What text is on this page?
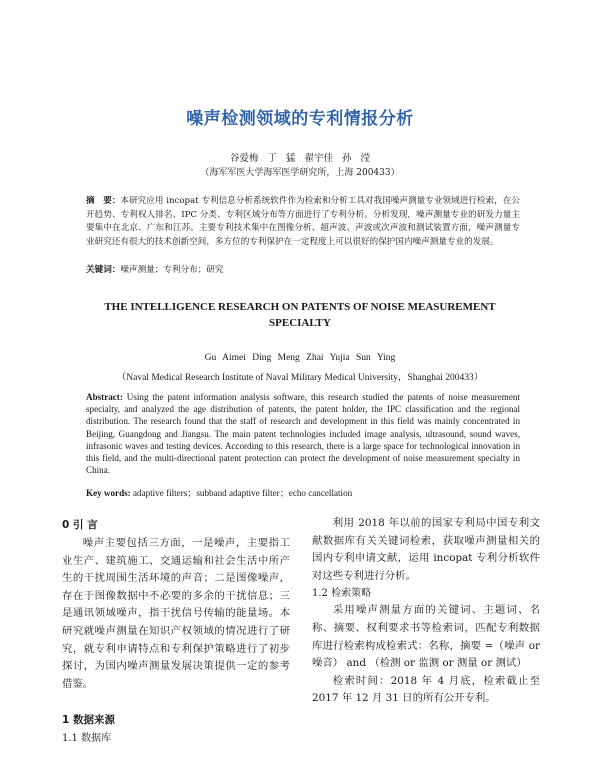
噪声检测领域的专利情报分析
谷爱梅 丁 猛 翟宇佳 孙 滢
（海军军医大学海军医学研究所，上海 200433）
摘　要：本研究应用 incopat 专利信息分析系统软件作为检索和分析工具对我国噪声测量专业领域进行检索，在公开趋势、专利权人排名、IPC 分类、专利区域分布等方面进行了专利分析。分析发现，噪声测量专业的研发力量主要集中在北京、广东和江苏。主要专利技术集中在图像分析、超声波、声波或次声波和测试装置方面，噪声测量专业研究还有很大的技术创新空间，多方位的专利保护在一定程度上可以很好的保护国内噪声测量专业的发展。
关键词：噪声测量；专利分布；研究
THE INTELLIGENCE RESEARCH ON PATENTS OF NOISE MEASUREMENT SPECIALTY
Gu Aimei Ding Meng Zhai Yujia Sun Ying
（Naval Medical Research Institute of Naval Military Medical University，Shanghai 200433）
Abstract: Using the patent information analysis software, this research studied the patents of noise measurement specialty, and analyzed the age distribution of patents, the patent holder, the IPC classification and the regional distribution. The research found that the staff of research and development in this field was mainly concentrated in Beijing, Guangdong and Jiangsu. The main patent technologies included image analysis, ultrasound, sound waves, infrasonic waves and testing devices. According to this research, there is a large space for technological innovation in this field, and the multi-directional patent protection can protect the development of noise measurement specialty in China.
Key words: adaptive filters；subband adaptive filter；echo cancellation
0 引 言

噪声主要包括三方面，一是噪声，主要指工业生产、建筑施工、交通运输和社会生活中所产生的干扰周围生活环境的声音；二是图像噪声，存在于图像数据中不必要的多余的干扰信息；三是通讯领域噪声，指干扰信号传输的能量场。本研究就噪声测量在知识产权领域的情况进行了研究，就专利申请特点和专利保护策略进行了初步探讨，为国内噪声测量发展决策提供一定的参考借鉴。

1 数据来源
1.1 数据库

利用 2018 年以前的国家专利局中国专利文献数据库有关关键词检索，获取噪声测量相关的国内专利申请文献，运用 incopat 专利分析软件对这些专利进行分析。

1.2 检索策略

采用噪声测量方面的关键词、主题词、名称、摘要、权利要求书等检索词，匹配专利数据库进行检索构成检索式：名称，摘要 =（噪声 or 噪音） and （检测 or 监测 or 测量 or 测试）

检索时间：2018 年 4 月底，检索截止至 2017 年 12 月 31 日的所有公开专利。
